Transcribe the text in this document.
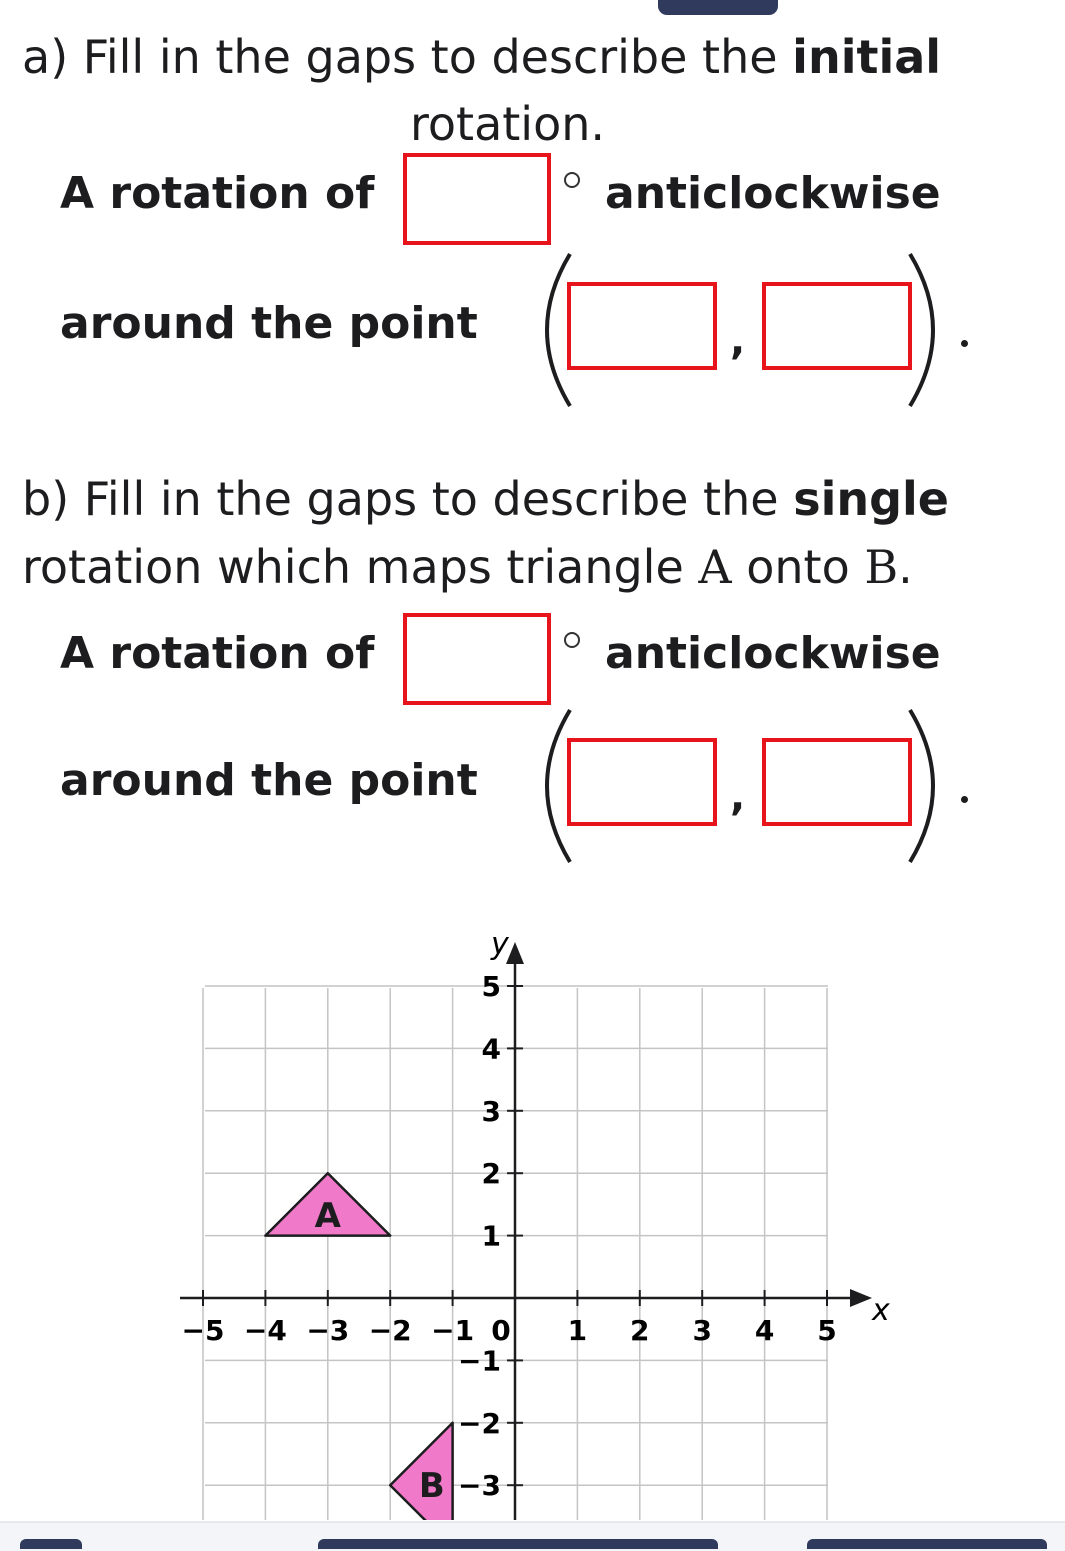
a) Fill in the gaps to describe the initial
rotation.
A rotation of	anticlockwise
around the point	,
b) Fill in the gaps to describe the single
rotation which maps triangle A onto B.
A rotation of	anticlockwise
around the point	,
x
y
−5 −4 −3 −2 −1 0 1 2 3 4 5
5
4
3
2
1
−1
−2
−3
A
B
